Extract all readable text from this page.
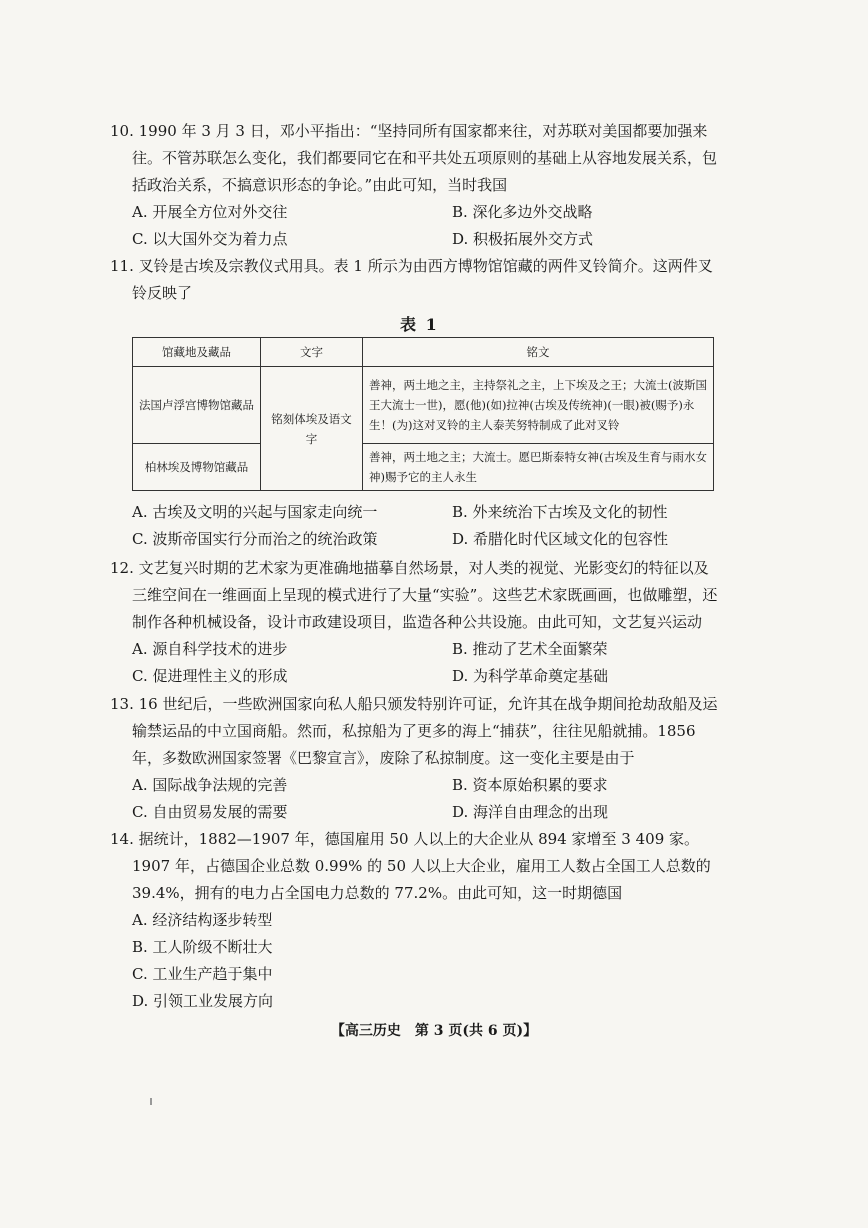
10. 1990 年 3 月 3 日，邓小平指出：“坚持同所有国家都来往，对苏联对美国都要加强来往。不管苏联怎么变化，我们都要同它在和平共处五项原则的基础上从容地发展关系，包括政治关系，不搞意识形态的争论。”由此可知，当时我国

A. 开展全方位对外交往	B. 深化多边外交战略

C. 以大国外交为着力点	D. 积极拓展外交方式

11. 叉铃是古埃及宗教仪式用具。表 1 所示为由西方博物馆馆藏的两件叉铃简介。这两件叉铃反映了

表 1
馆藏地及藏品	文字	铭文
法国卢浮宫博物馆藏品	铭刻体埃及语文字	善神，两土地之主，主持祭礼之主，上下埃及之王；大流士(波斯国王大流士一世)，愿(他)(如)拉神(古埃及传统神)(一眼)被(赐予)永生！(为)这对叉铃的主人泰芙努特制成了此对叉铃
柏林埃及博物馆藏品		善神，两土地之主；大流士。愿巴斯泰特女神(古埃及生育与雨水女神)赐予它的主人永生

A. 古埃及文明的兴起与国家走向统一	B. 外来统治下古埃及文化的韧性

C. 波斯帝国实行分而治之的统治政策	D. 希腊化时代区域文化的包容性

12. 文艺复兴时期的艺术家为更准确地描摹自然场景，对人类的视觉、光影变幻的特征以及三维空间在一维画面上呈现的模式进行了大量“实验”。这些艺术家既画画，也做雕塑，还制作各种机械设备，设计市政建设项目，监造各种公共设施。由此可知，文艺复兴运动

A. 源自科学技术的进步	B. 推动了艺术全面繁荣

C. 促进理性主义的形成	D. 为科学革命奠定基础

13. 16 世纪后，一些欧洲国家向私人船只颁发特别许可证，允许其在战争期间抢劫敌船及运输禁运品的中立国商船。然而，私掠船为了更多的海上“捕获”，往往见船就捕。1856 年，多数欧洲国家签署《巴黎宣言》，废除了私掠制度。这一变化主要是由于

A. 国际战争法规的完善	B. 资本原始积累的要求

C. 自由贸易发展的需要	D. 海洋自由理念的出现

14. 据统计，1882—1907 年，德国雇用 50 人以上的大企业从 894 家增至 3 409 家。1907 年，占德国企业总数 0.99% 的 50 人以上大企业，雇用工人数占全国工人总数的 39.4%，拥有的电力占全国电力总数的 77.2%。由此可知，这一时期德国

A. 经济结构逐步转型

B. 工人阶级不断壮大

C. 工业生产趋于集中

D. 引领工业发展方向

【高三历史　第 3 页(共 6 页)】
